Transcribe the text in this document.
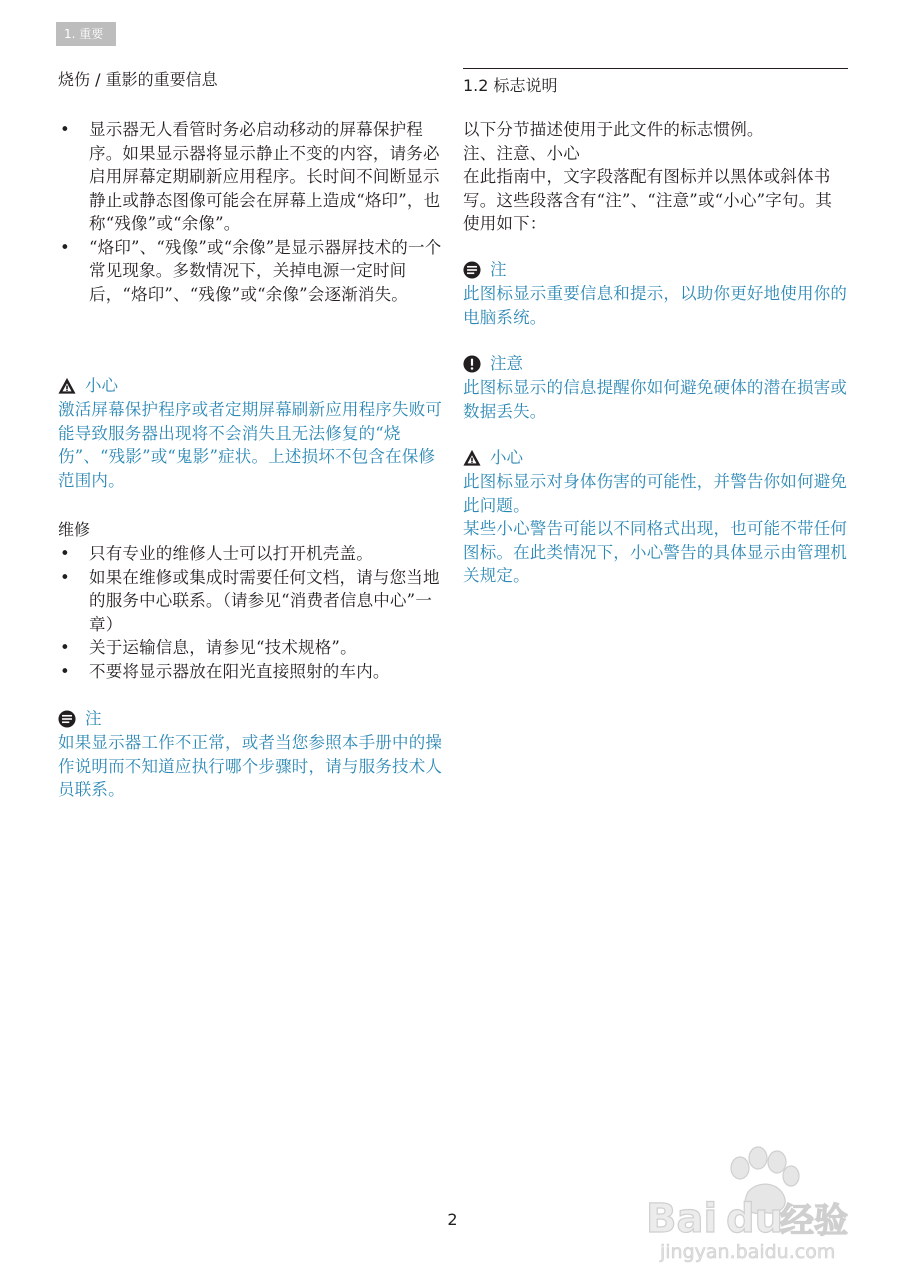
1. 重要
烧伤 / 重影的重要信息
• 显示器无人看管时务必启动移动的屏幕保护程序。如果显示器将显示静止不变的内容，请务必启用屏幕定期刷新应用程序。长时间不间断显示静止或静态图像可能会在屏幕上造成“烙印”，也称“残像”或“余像”。
• “烙印”、“残像”或“余像”是显示器屏技术的一个常见现象。多数情况下，关掉电源一定时间后，“烙印”、“残像”或“余像”会逐渐消失。
小心

激活屏幕保护程序或者定期屏幕刷新应用程序失败可能导致服务器出现将不会消失且无法修复的“烧伤”、“残影”或“鬼影”症状。上述损坏不包含在保修范围内。

维修
• 只有专业的维修人士可以打开机壳盖。
• 如果在维修或集成时需要任何文档，请与您当地的服务中心联系。（请参见“消费者信息中心”一章）
• 关于运输信息，请参见“技术规格”。
• 不要将显示器放在阳光直接照射的车内。
注

如果显示器工作不正常，或者当您参照本手册中的操作说明而不知道应执行哪个步骤时，请与服务技术人员联系。

1.2 标志说明

以下分节描述使用于此文件的标志惯例。

注、注意、小心

在此指南中，文字段落配有图标并以黑体或斜体书写。这些段落含有“注”、“注意”或“小心”字句。其使用如下：

注

此图标显示重要信息和提示，以助你更好地使用你的电脑系统。

注意

此图标显示的信息提醒你如何避免硬体的潜在损害或数据丢失。

小心

此图标显示对身体伤害的可能性，并警告你如何避免此问题。

某些小心警告可能以不同格式出现，也可能不带任何图标。在此类情况下，小心警告的具体显示由管理机关规定。

2	Bai du
经验
jingyan.baidu.com
